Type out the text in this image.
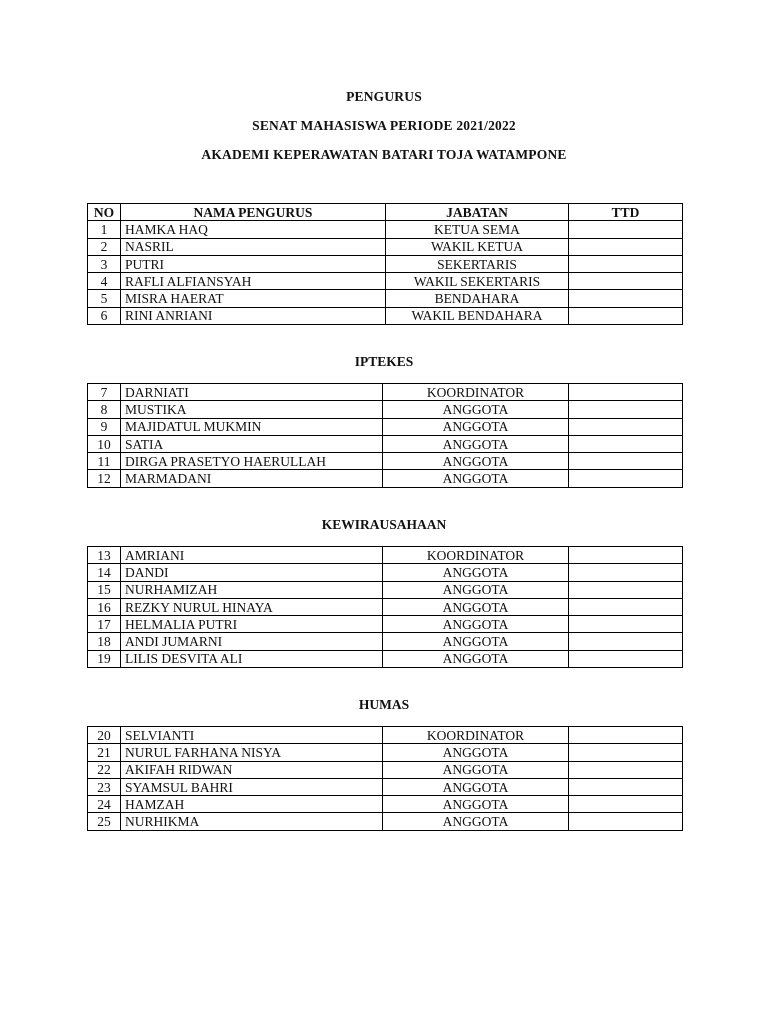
PENGURUS
SENAT MAHASISWA PERIODE 2021/2022
AKADEMI KEPERAWATAN BATARI TOJA WATAMPONE
NO	NAMA PENGURUS	JABATAN	TTD
1	HAMKA HAQ	KETUA SEMA	
2	NASRIL	WAKIL KETUA	
3	PUTRI	SEKERTARIS	
4	RAFLI ALFIANSYAH	WAKIL SEKERTARIS	
5	MISRA HAERAT	BENDAHARA	
6	RINI ANRIANI	WAKIL BENDAHARA	
IPTEKES
7	DARNIATI	KOORDINATOR	
8	MUSTIKA	ANGGOTA	
9	MAJIDATUL MUKMIN	ANGGOTA	
10	SATIA	ANGGOTA	
11	DIRGA PRASETYO HAERULLAH	ANGGOTA	
12	MARMADANI	ANGGOTA	
KEWIRAUSAHAAN
13	AMRIANI	KOORDINATOR	
14	DANDI	ANGGOTA	
15	NURHAMIZAH	ANGGOTA	
16	REZKY NURUL HINAYA	ANGGOTA	
17	HELMALIA PUTRI	ANGGOTA	
18	ANDI JUMARNI	ANGGOTA	
19	LILIS DESVITA ALI	ANGGOTA	
HUMAS
20	SELVIANTI	KOORDINATOR	
21	NURUL FARHANA NISYA	ANGGOTA	
22	AKIFAH RIDWAN	ANGGOTA	
23	SYAMSUL BAHRI	ANGGOTA	
24	HAMZAH	ANGGOTA	
25	NURHIKMA	ANGGOTA	
